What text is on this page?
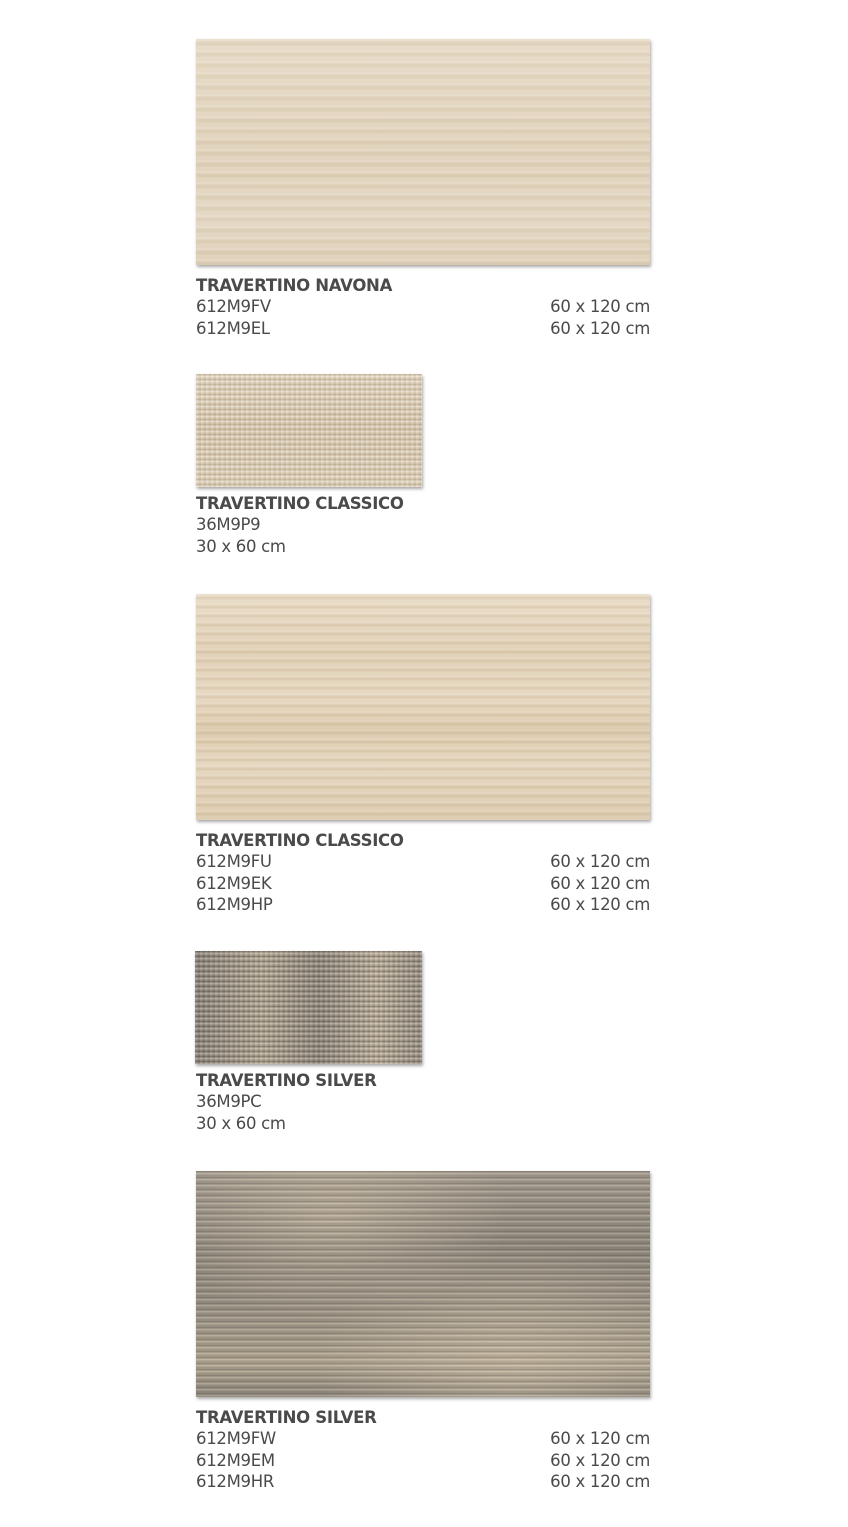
TRAVERTINO NAVONA
612M9FV	60 x 120 cm
612M9EL	60 x 120 cm
TRAVERTINO CLASSICO
36M9P9
30 x 60 cm
TRAVERTINO CLASSICO
612M9FU	60 x 120 cm
612M9EK	60 x 120 cm
612M9HP	60 x 120 cm
TRAVERTINO SILVER
36M9PC
30 x 60 cm
TRAVERTINO SILVER
612M9FW	60 x 120 cm
612M9EM	60 x 120 cm
612M9HR	60 x 120 cm
